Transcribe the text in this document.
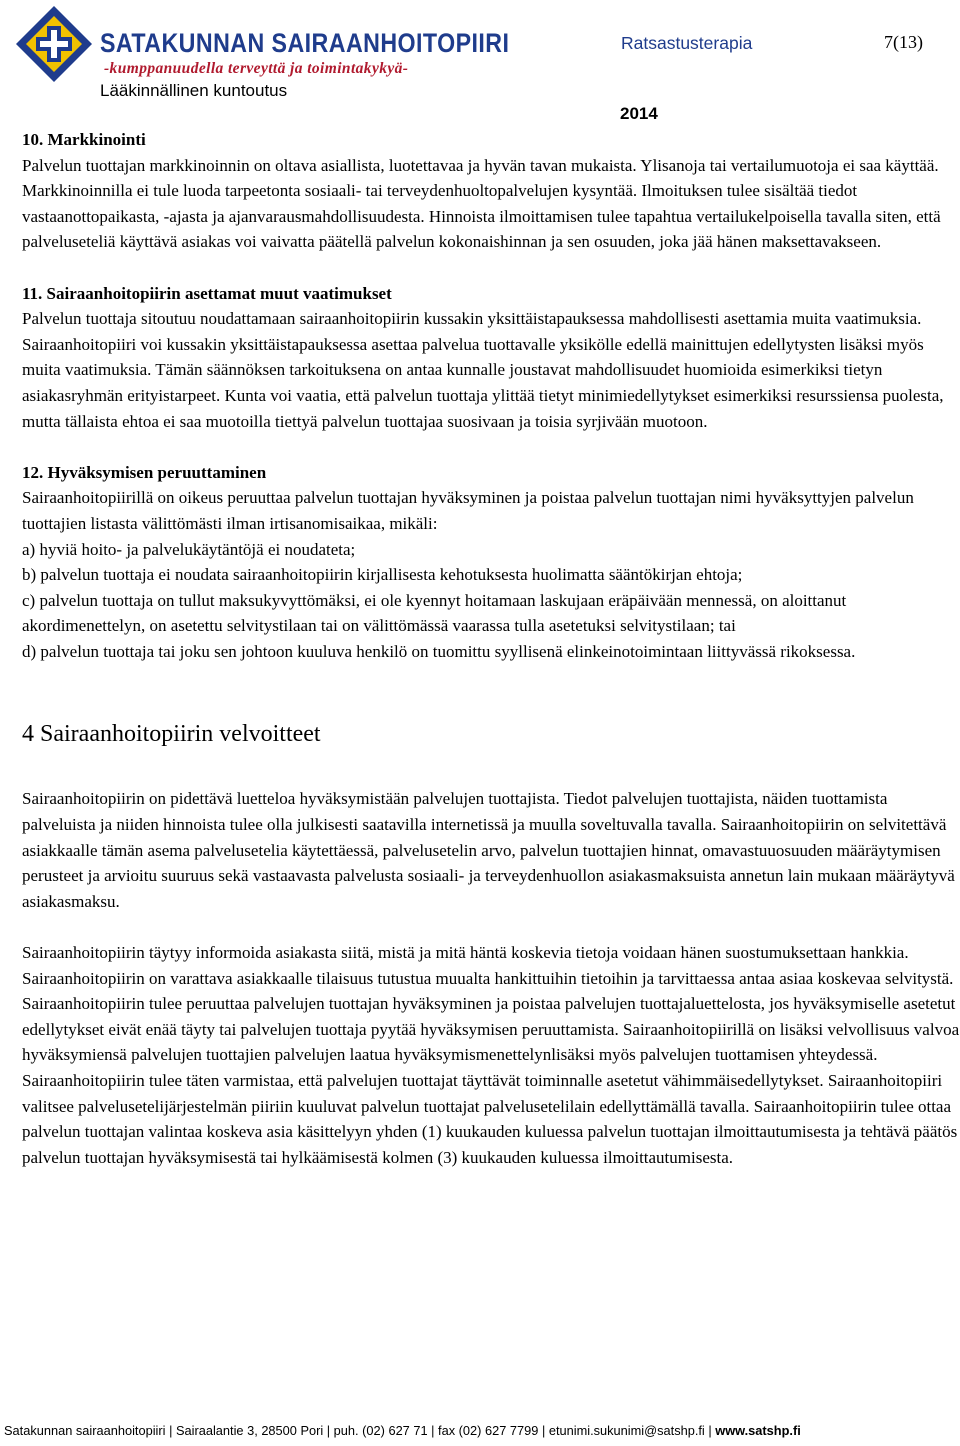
SATAKUNNAN SAIRAANHOITOPIIRI
-kumppanuudella terveyttä ja toimintakykyä-
Lääkinnällinen kuntoutus
Ratsastusterapia	7(13)
2014
10. Markkinointi

Palvelun tuottajan markkinoinnin on oltava asiallista, luotettavaa ja hyvän tavan mukaista. Ylisanoja tai vertailumuotoja ei saa käyttää. Markkinoinnilla ei tule luoda tarpeetonta sosiaali- tai terveydenhuoltopalvelujen kysyntää. Ilmoituksen tulee sisältää tiedot vastaanottopaikasta, -ajasta ja ajanvarausmahdollisuudesta. Hinnoista ilmoittamisen tulee tapahtua vertailukelpoisella tavalla siten, että palveluseteliä käyttävä asiakas voi vaivatta päätellä palvelun kokonaishinnan ja sen osuuden, joka jää hänen maksettavakseen.

11. Sairaanhoitopiirin asettamat muut vaatimukset

Palvelun tuottaja sitoutuu noudattamaan sairaanhoitopiirin kussakin yksittäistapauksessa mahdollisesti asettamia muita vaatimuksia. Sairaanhoitopiiri voi kussakin yksittäistapauksessa asettaa palvelua tuottavalle yksikölle edellä mainittujen edellytysten lisäksi myös muita vaatimuksia. Tämän säännöksen tarkoituksena on antaa kunnalle joustavat mahdollisuudet huomioida esimerkiksi tietyn asiakasryhmän erityistarpeet. Kunta voi vaatia, että palvelun tuottaja ylittää tietyt minimiedellytykset esimerkiksi resurssiensa puolesta, mutta tällaista ehtoa ei saa muotoilla tiettyä palvelun tuottajaa suosivaan ja toisia syrjivään muotoon.

12. Hyväksymisen peruuttaminen

Sairaanhoitopiirillä on oikeus peruuttaa palvelun tuottajan hyväksyminen ja poistaa palvelun tuottajan nimi hyväksyttyjen palvelun tuottajien listasta välittömästi ilman irtisanomisaikaa, mikäli:

a) hyviä hoito- ja palvelukäytäntöjä ei noudateta;

b) palvelun tuottaja ei noudata sairaanhoitopiirin kirjallisesta kehotuksesta huolimatta sääntökirjan ehtoja;

c) palvelun tuottaja on tullut maksukyvyttömäksi, ei ole kyennyt hoitamaan laskujaan eräpäivään mennessä, on aloittanut akordimenettelyn, on asetettu selvitystilaan tai on välittömässä vaarassa tulla asetetuksi selvitystilaan; tai

d) palvelun tuottaja tai joku sen johtoon kuuluva henkilö on tuomittu syyllisenä elinkeinotoimintaan liittyvässä rikoksessa.

4 Sairaanhoitopiirin velvoitteet

Sairaanhoitopiirin on pidettävä luetteloa hyväksymistään palvelujen tuottajista. Tiedot palvelujen tuottajista, näiden tuottamista palveluista ja niiden hinnoista tulee olla julkisesti saatavilla internetissä ja muulla soveltuvalla tavalla. Sairaanhoitopiirin on selvitettävä asiakkaalle tämän asema palvelusetelia käytettäessä, palvelusetelin arvo, palvelun tuottajien hinnat, omavastuuosuuden määräytymisen perusteet ja arvioitu suuruus sekä vastaavasta palvelusta sosiaali- ja terveydenhuollon asiakasmaksuista annetun lain mukaan määräytyvä asiakasmaksu.

Sairaanhoitopiirin täytyy informoida asiakasta siitä, mistä ja mitä häntä koskevia tietoja voidaan hänen suostumuksettaan hankkia. Sairaanhoitopiirin on varattava asiakkaalle tilaisuus tutustua muualta hankittuihin tietoihin ja tarvittaessa antaa asiaa koskevaa selvitystä.

Sairaanhoitopiirin tulee peruuttaa palvelujen tuottajan hyväksyminen ja poistaa palvelujen tuottajaluettelosta, jos hyväksymiselle asetetut edellytykset eivät enää täyty tai palvelujen tuottaja pyytää hyväksymisen peruuttamista. Sairaanhoitopiirillä on lisäksi velvollisuus valvoa hyväksymiensä palvelujen tuottajien palvelujen laatua hyväksymismenettelynlisäksi myös palvelujen tuottamisen yhteydessä. Sairaanhoitopiirin tulee täten varmistaa, että palvelujen tuottajat täyttävät toiminnalle asetetut vähimmäisedellytykset. Sairaanhoitopiiri valitsee palvelusetelijärjestelmän piiriin kuuluvat palvelun tuottajat palvelusetelilain edellyttämällä tavalla. Sairaanhoitopiirin tulee ottaa palvelun tuottajan valintaa koskeva asia käsittelyyn yhden (1) kuukauden kuluessa palvelun tuottajan ilmoittautumisesta ja tehtävä päätös palvelun tuottajan hyväksymisestä tai hylkäämisestä kolmen (3) kuukauden kuluessa ilmoittautumisesta.

Satakunnan sairaanhoitopiiri | Sairaalantie 3, 28500 Pori | puh. (02) 627 71 | fax (02) 627 7799 | etunimi.sukunimi@satshp.fi | www.satshp.fi
